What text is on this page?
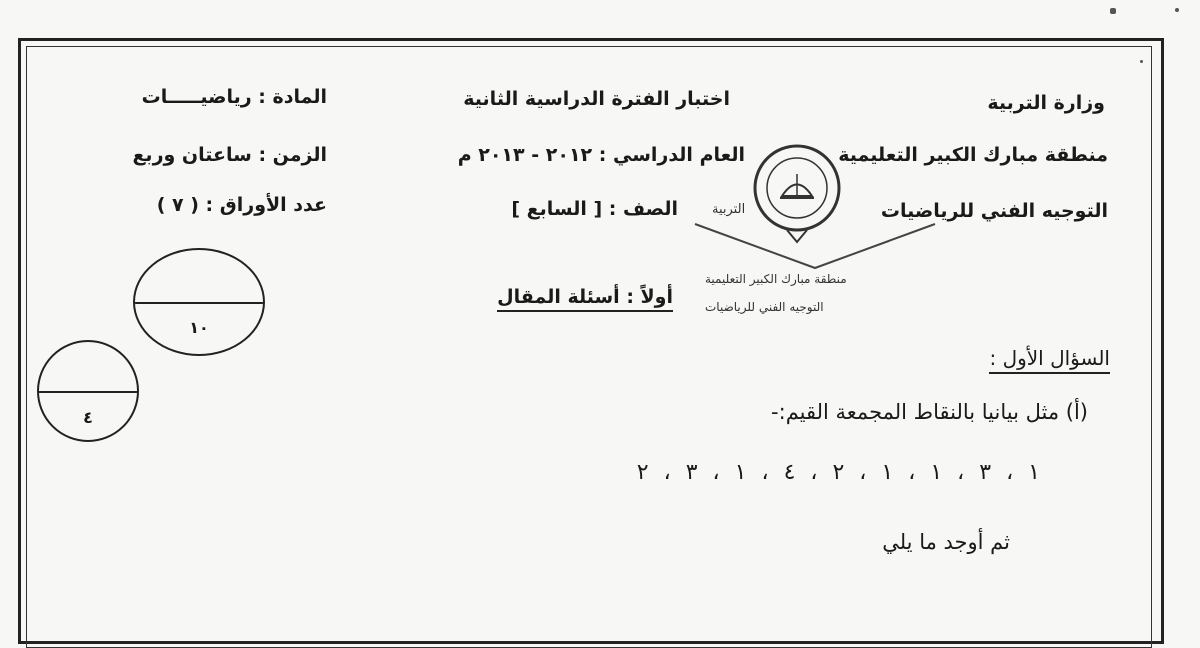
وزارة التربية
منطقة مبارك الكبير التعليمية
التوجيه الفني للرياضيات
اختبار الفترة الدراسية الثانية
العام الدراسي : ٢٠١٢ - ٢٠١٣ م
الصف : [ السابع ]
المادة : رياضيـــــات
الزمن : ساعتان وربع
عدد الأوراق : ( ٧ )	التربية
منطقة مبارك الكبير التعليمية
التوجيه الفني للرياضيات
١٠
٤
أولاً : أسئلة المقال
السؤال الأول :
(أ) مثل بيانيا بالنقاط المجمعة القيم:-
١ ، ٣ ، ١ ، ١ ، ٢ ، ٤ ، ١ ، ٣ ، ٢
ثم أوجد ما يلي
